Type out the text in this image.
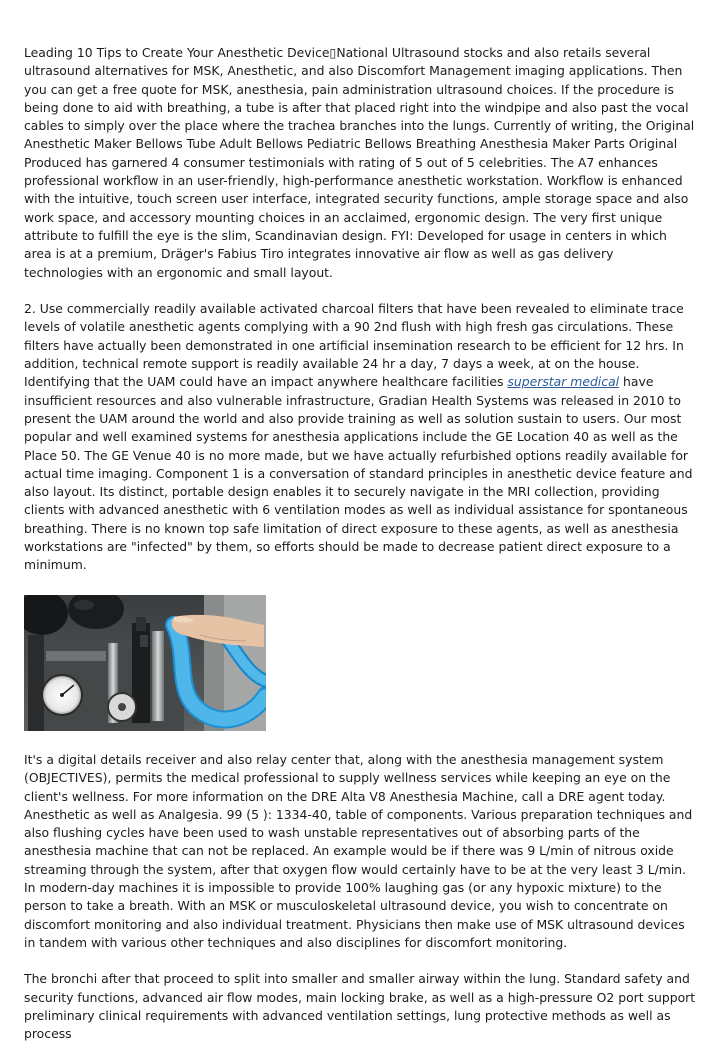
Leading 10 Tips to Create Your Anesthetic Device▯National Ultrasound stocks and also retails several ultrasound alternatives for MSK, Anesthetic, and also Discomfort Management imaging applications. Then you can get a free quote for MSK, anesthesia, pain administration ultrasound choices. If the procedure is being done to aid with breathing, a tube is after that placed right into the windpipe and also past the vocal cables to simply over the place where the trachea branches into the lungs. Currently of writing, the Original Anesthetic Maker Bellows Tube Adult Bellows Pediatric Bellows Breathing Anesthesia Maker Parts Original Produced has garnered 4 consumer testimonials with rating of 5 out of 5 celebrities. The A7 enhances professional workflow in an user-friendly, high-performance anesthetic workstation. Workflow is enhanced with the intuitive, touch screen user interface, integrated security functions, ample storage space and also work space, and accessory mounting choices in an acclaimed, ergonomic design. The very first unique attribute to fulfill the eye is the slim, Scandinavian design. FYI: Developed for usage in centers in which area is at a premium, Dräger's Fabius Tiro integrates innovative air flow as well as gas delivery technologies with an ergonomic and small layout.

2. Use commercially readily available activated charcoal filters that have been revealed to eliminate trace levels of volatile anesthetic agents complying with a 90 2nd flush with high fresh gas circulations. These filters have actually been demonstrated in one artificial insemination research to be efficient for 12 hrs. In addition, technical remote support is readily available 24 hr a day, 7 days a week, at on the house. Identifying that the UAM could have an impact anywhere healthcare facilities superstar medical have insufficient resources and also vulnerable infrastructure, Gradian Health Systems was released in 2010 to present the UAM around the world and also provide training as well as solution sustain to users. Our most popular and well examined systems for anesthesia applications include the GE Location 40 as well as the Place 50. The GE Venue 40 is no more made, but we have actually refurbished options readily available for actual time imaging. Component 1 is a conversation of standard principles in anesthetic device feature and also layout. Its distinct, portable design enables it to securely navigate in the MRI collection, providing clients with advanced anesthetic with 6 ventilation modes as well as individual assistance for spontaneous breathing. There is no known top safe limitation of direct exposure to these agents, as well as anesthesia workstations are "infected" by them, so efforts should be made to decrease patient direct exposure to a minimum.

It's a digital details receiver and also relay center that, along with the anesthesia management system (OBJECTIVES), permits the medical professional to supply wellness services while keeping an eye on the client's wellness. For more information on the DRE Alta V8 Anesthesia Machine, call a DRE agent today. Anesthetic as well as Analgesia. 99 (5 ): 1334-40, table of components. Various preparation techniques and also flushing cycles have been used to wash unstable representatives out of absorbing parts of the anesthesia machine that can not be replaced. An example would be if there was 9 L/min of nitrous oxide streaming through the system, after that oxygen flow would certainly have to be at the very least 3 L/min. In modern-day machines it is impossible to provide 100% laughing gas (or any hypoxic mixture) to the person to take a breath. With an MSK or musculoskeletal ultrasound device, you wish to concentrate on discomfort monitoring and also individual treatment. Physicians then make use of MSK ultrasound devices in tandem with various other techniques and also disciplines for discomfort monitoring.

The bronchi after that proceed to split into smaller and smaller airway within the lung. Standard safety and security functions, advanced air flow modes, main locking brake, as well as a high-pressure O2 port support preliminary clinical requirements with advanced ventilation settings, lung protective methods as well as process
